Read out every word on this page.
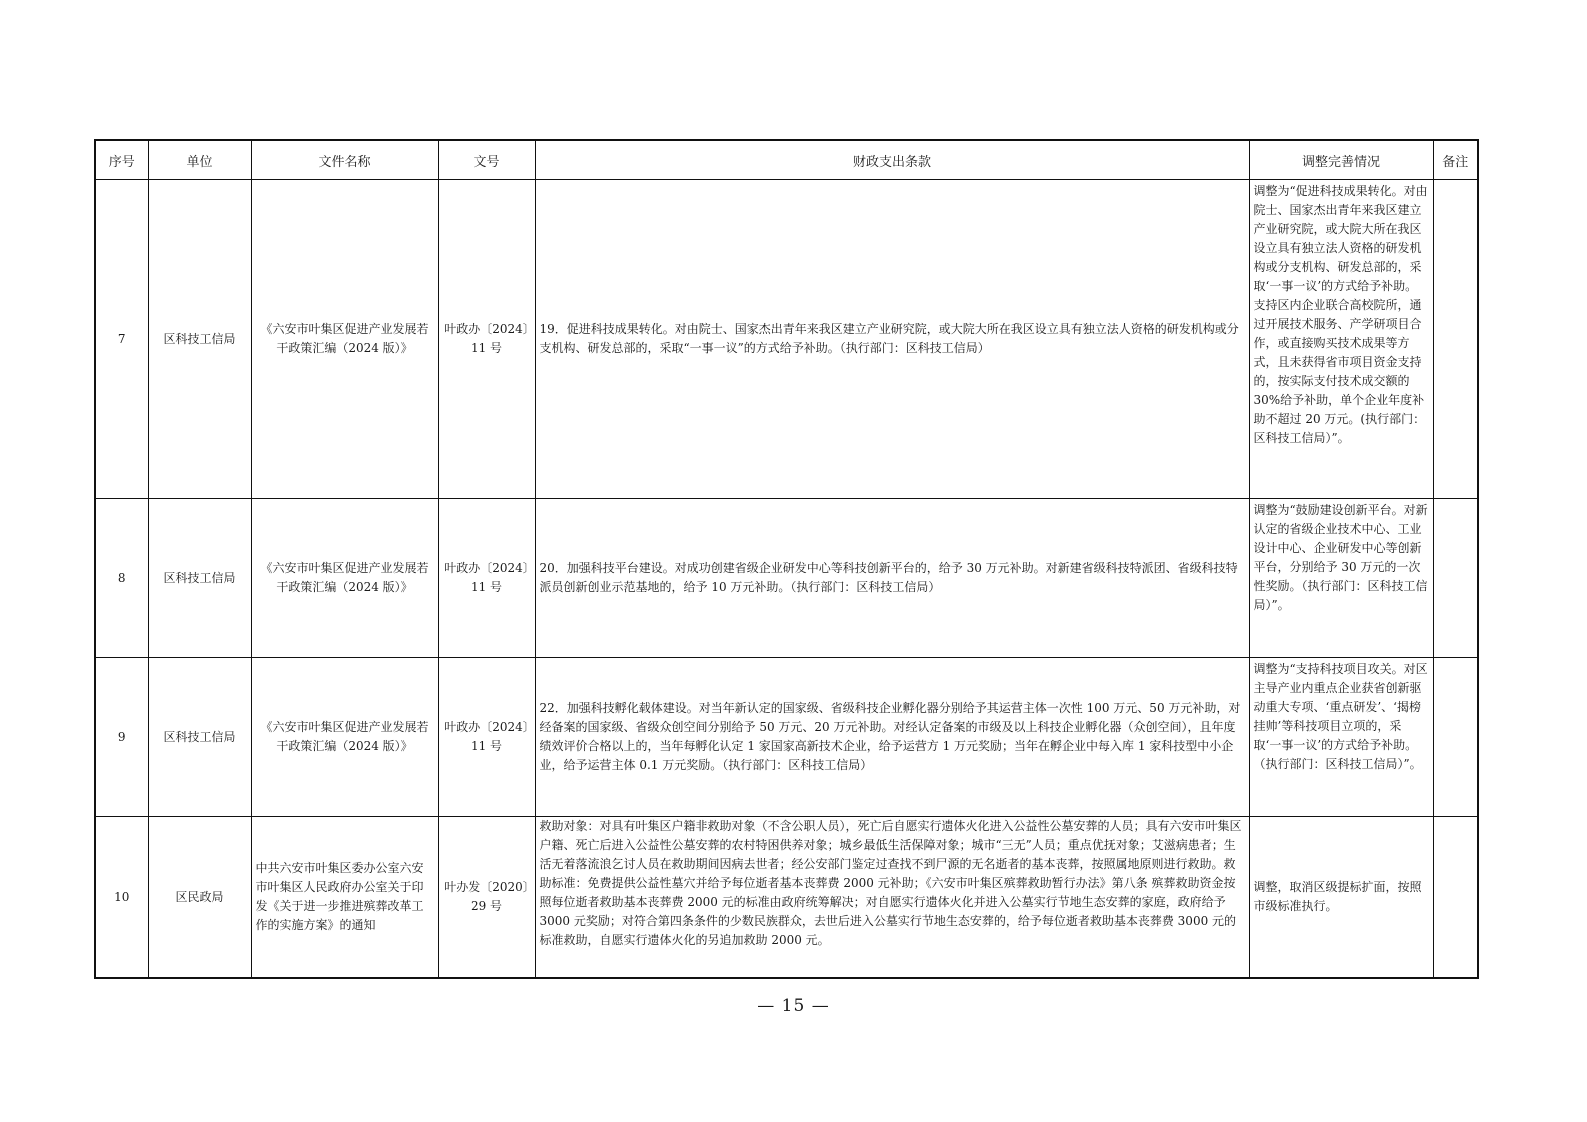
序号	单位	文件名称	文号	财政支出条款	调整完善情况	备注
7	区科技工信局	《六安市叶集区促进产业发展若干政策汇编（2024 版）》	叶政办〔2024〕11 号	19．促进科技成果转化。对由院士、国家杰出青年来我区建立产业研究院，或大院大所在我区设立具有独立法人资格的研发机构或分支机构、研发总部的，采取“一事一议”的方式给予补助。（执行部门：区科技工信局）	调整为“促进科技成果转化。对由院士、国家杰出青年来我区建立产业研究院，或大院大所在我区设立具有独立法人资格的研发机构或分支机构、研发总部的，采取‘一事一议’的方式给予补助。支持区内企业联合高校院所，通过开展技术服务、产学研项目合作，或直接购买技术成果等方式，且未获得省市项目资金支持的，按实际支付技术成交额的 30%给予补助，单个企业年度补助不超过 20 万元。(执行部门：区科技工信局）”。	
8	区科技工信局	《六安市叶集区促进产业发展若干政策汇编（2024 版）》	叶政办〔2024〕11 号	20．加强科技平台建设。对成功创建省级企业研发中心等科技创新平台的，给予 30 万元补助。对新建省级科技特派团、省级科技特派员创新创业示范基地的，给予 10 万元补助。（执行部门：区科技工信局）	调整为“鼓励建设创新平台。对新认定的省级企业技术中心、工业设计中心、企业研发中心等创新平台，分别给予 30 万元的一次性奖励。（执行部门：区科技工信局）”。	
9	区科技工信局	《六安市叶集区促进产业发展若干政策汇编（2024 版）》	叶政办〔2024〕11 号	22．加强科技孵化载体建设。对当年新认定的国家级、省级科技企业孵化器分别给予其运营主体一次性 100 万元、50 万元补助，对经备案的国家级、省级众创空间分别给予 50 万元、20 万元补助。对经认定备案的市级及以上科技企业孵化器（众创空间），且年度绩效评价合格以上的，当年每孵化认定 1 家国家高新技术企业，给予运营方 1 万元奖励；当年在孵企业中每入库 1 家科技型中小企业，给予运营主体 0.1 万元奖励。（执行部门：区科技工信局）	调整为“支持科技项目攻关。对区主导产业内重点企业获省创新驱动重大专项、‘重点研发’、‘揭榜挂帅’等科技项目立项的，采取‘一事一议’的方式给予补助。（执行部门：区科技工信局）”。	
10	区民政局	中共六安市叶集区委办公室六安市叶集区人民政府办公室关于印发《关于进一步推进殡葬改革工作的实施方案》的通知	叶办发〔2020〕29 号	救助对象：对具有叶集区户籍非救助对象（不含公职人员），死亡后自愿实行遗体火化进入公益性公墓安葬的人员；具有六安市叶集区户籍、死亡后进入公益性公墓安葬的农村特困供养对象；城乡最低生活保障对象；城市“三无”人员；重点优抚对象；艾滋病患者；生活无着落流浪乞讨人员在救助期间因病去世者；经公安部门鉴定过查找不到尸源的无名逝者的基本丧葬，按照属地原则进行救助。救助标准：免费提供公益性墓穴并给予每位逝者基本丧葬费 2000 元补助；《六安市叶集区殡葬救助暂行办法》第八条 殡葬救助资金按照每位逝者救助基本丧葬费 2000 元的标准由政府统筹解决；对自愿实行遗体火化并进入公墓实行节地生态安葬的家庭，政府给予 3000 元奖励；对符合第四条条件的少数民族群众，去世后进入公墓实行节地生态安葬的，给予每位逝者救助基本丧葬费 3000 元的标准救助，自愿实行遗体火化的另追加救助 2000 元。	调整，取消区级提标扩面，按照市级标准执行。	
— 15 —
